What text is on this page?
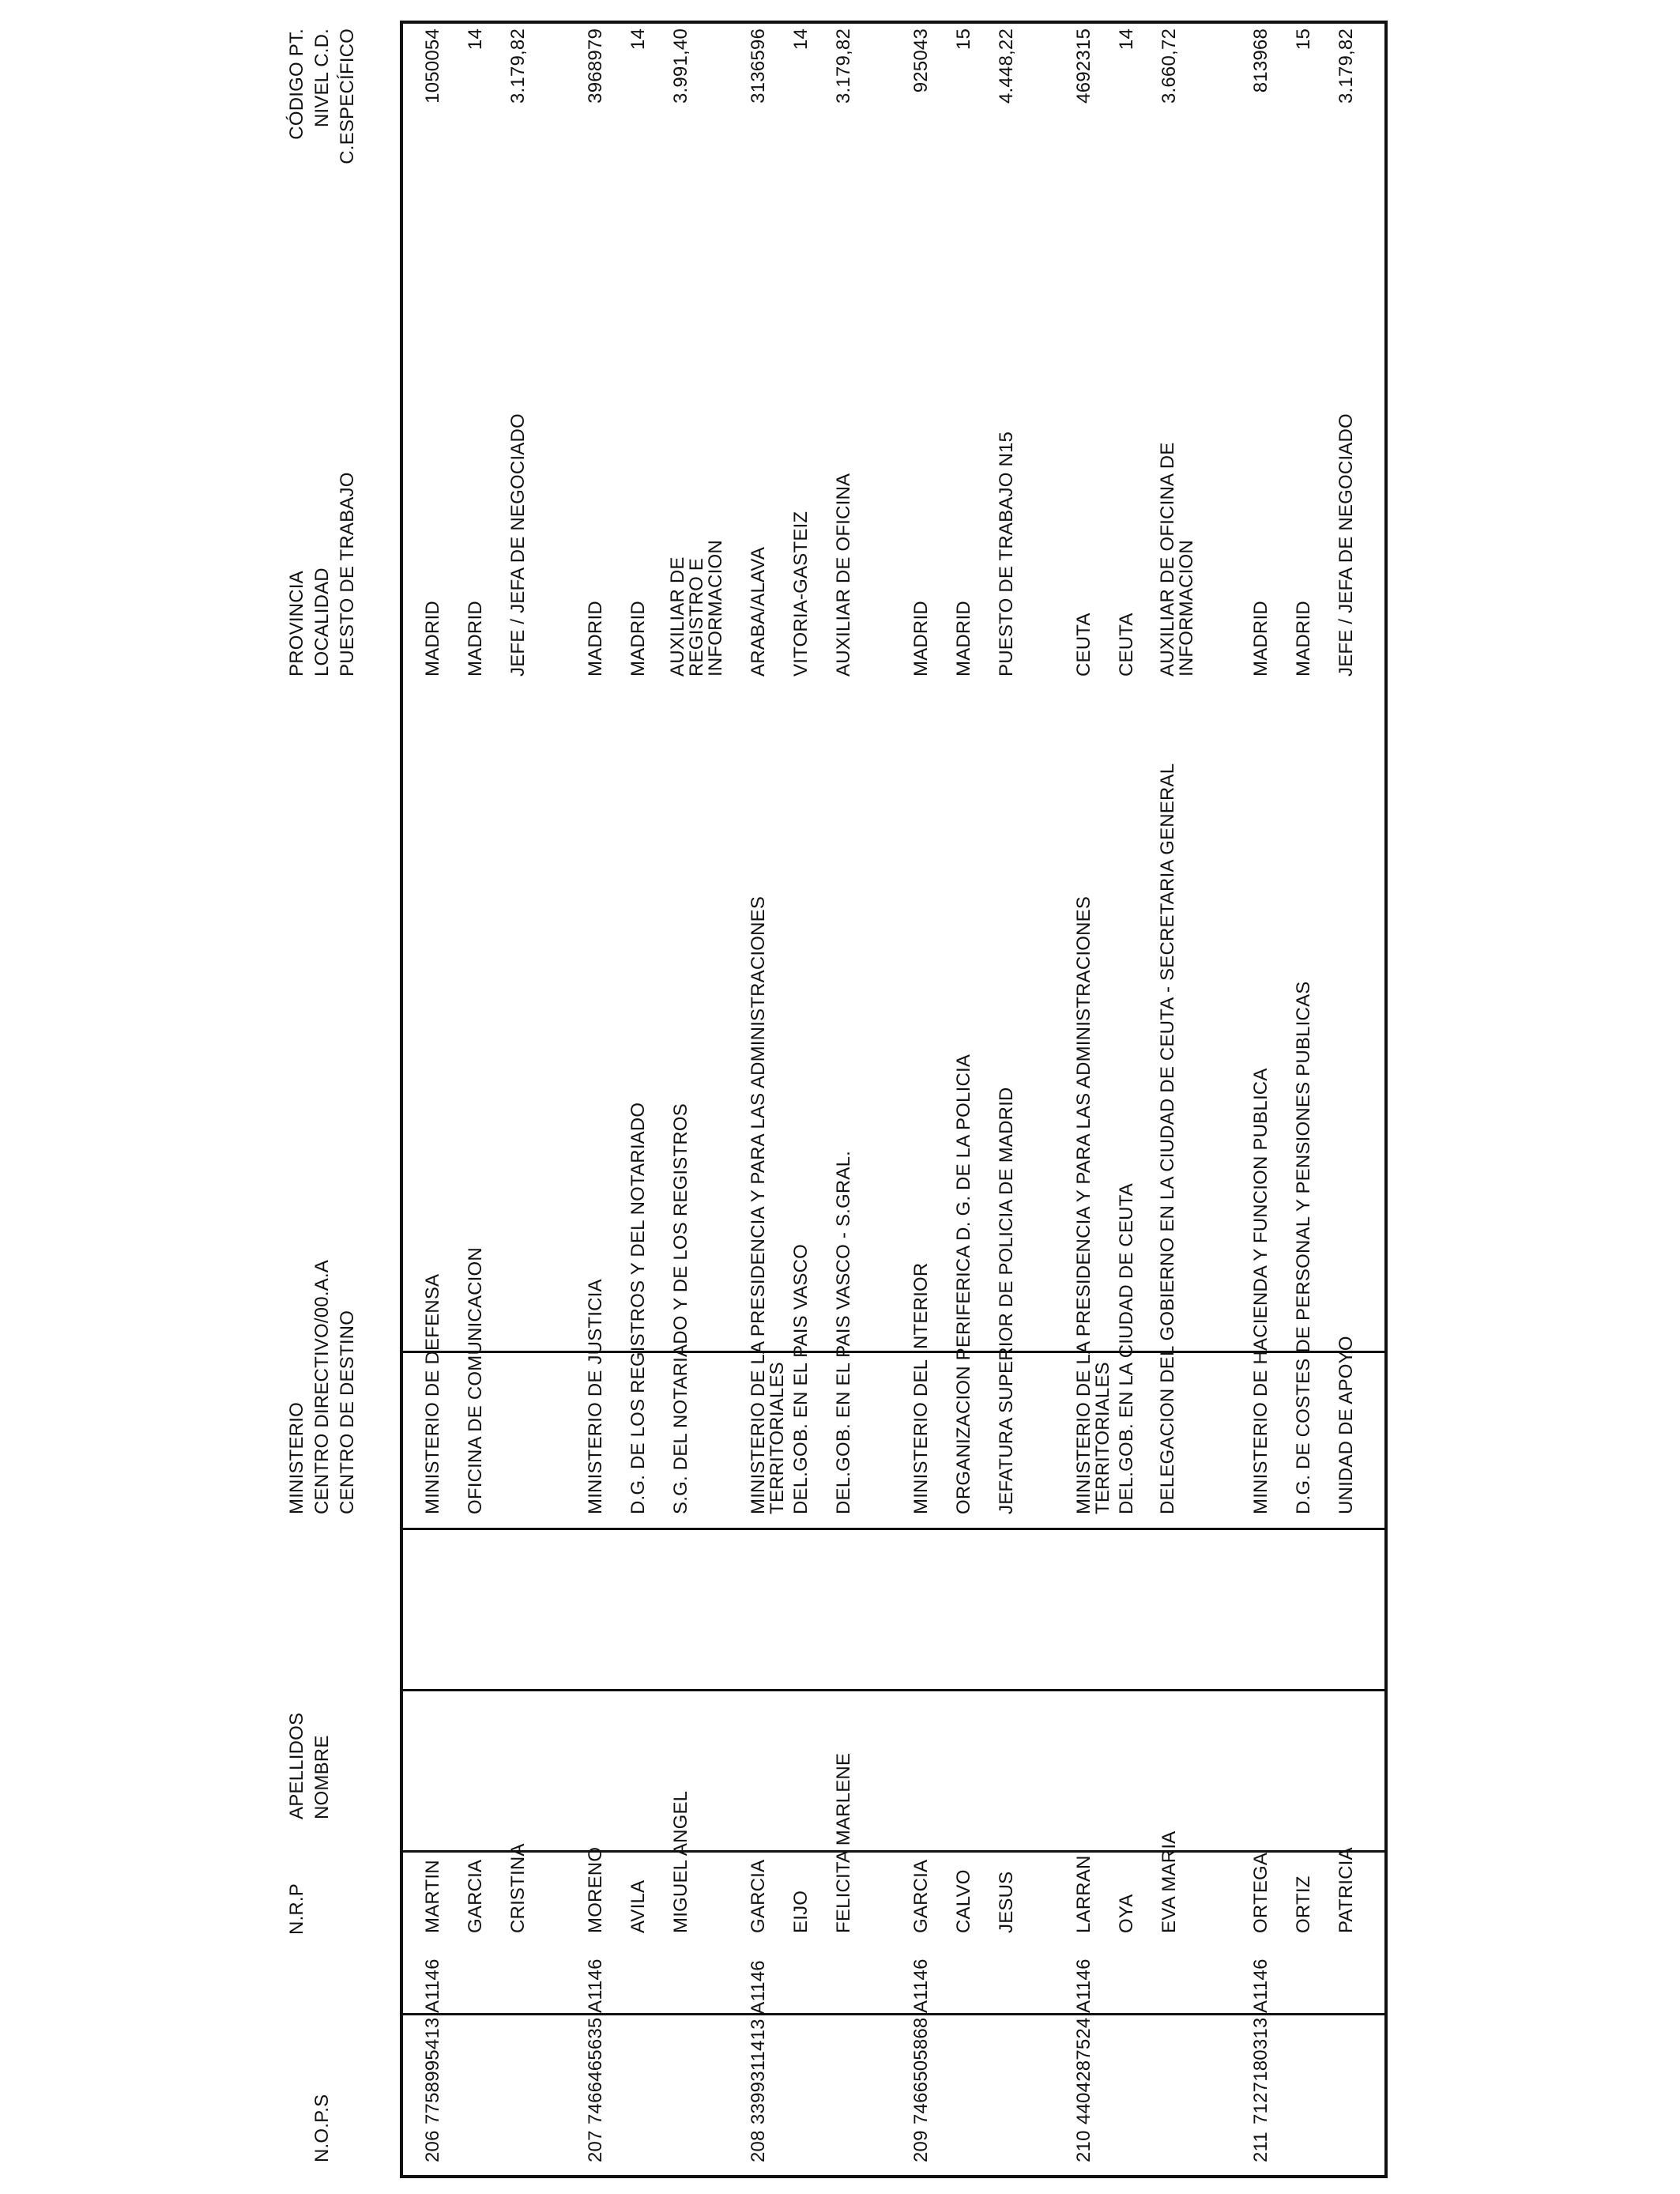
N.O.P.S
N.R.P
APELLIDOS NOMBRE
MINISTERIO CENTRO DIRECTIVO/00.A.A CENTRO DE DESTINO
PROVINCIA LOCALIDAD PUESTO DE TRABAJO
CÓDIGO PT. NIVEL C.D. C.ESPECÍFICO
206
7758995413 A1146
MARTIN GARCIA CRISTINA
MINISTERIO DE DEFENSA OFICINA DE COMUNICACION
MADRID MADRID JEFE / JEFA DE NEGOCIADO
1050054 14 3.179,82
207
7466465635 A1146
MORENO AVILA MIGUEL ANGEL
MINISTERIO DE JUSTICIA D.G. DE LOS REGISTROS Y DEL NOTARIADO S.G. DEL NOTARIADO Y DE LOS REGISTROS
MADRID MADRID AUXILIAR DE REGISTRO E INFORMACION
3968979 14 3.991,40
208
3399311413 A1146
GARCIA EIJO FELICITA MARLENE
MINISTERIO DE LA PRESIDENCIA Y PARA LAS ADMINISTRACIONES TERRITORIALES DEL.GOB. EN EL PAIS VASCO DEL.GOB. EN EL PAIS VASCO - S.GRAL.
ARABA/ALAVA VITORIA-GASTEIZ AUXILIAR DE OFICINA
3136596 14 3.179,82
209
7466505868 A1146
GARCIA CALVO JESUS
MINISTERIO DEL INTERIOR ORGANIZACION PERIFERICA D. G. DE LA POLICIA JEFATURA SUPERIOR DE POLICIA DE MADRID
MADRID MADRID PUESTO DE TRABAJO N15
925043 15 4.448,22
210
4404287524 A1146
LARRAN OYA EVA MARIA
MINISTERIO DE LA PRESIDENCIA Y PARA LAS ADMINISTRACIONES TERRITORIALES DEL.GOB. EN LA CIUDAD DE CEUTA DELEGACION DEL GOBIERNO EN LA CIUDAD DE CEUTA - SECRETARIA GENERAL
CEUTA CEUTA AUXILIAR DE OFICINA DE INFORMACION
4692315 14 3.660,72
211
7127180313 A1146
ORTEGA ORTIZ PATRICIA
MINISTERIO DE HACIENDA Y FUNCION PUBLICA D.G. DE COSTES DE PERSONAL Y PENSIONES PUBLICAS UNIDAD DE APOYO
MADRID MADRID JEFE / JEFA DE NEGOCIADO
813968 15 3.179,82
